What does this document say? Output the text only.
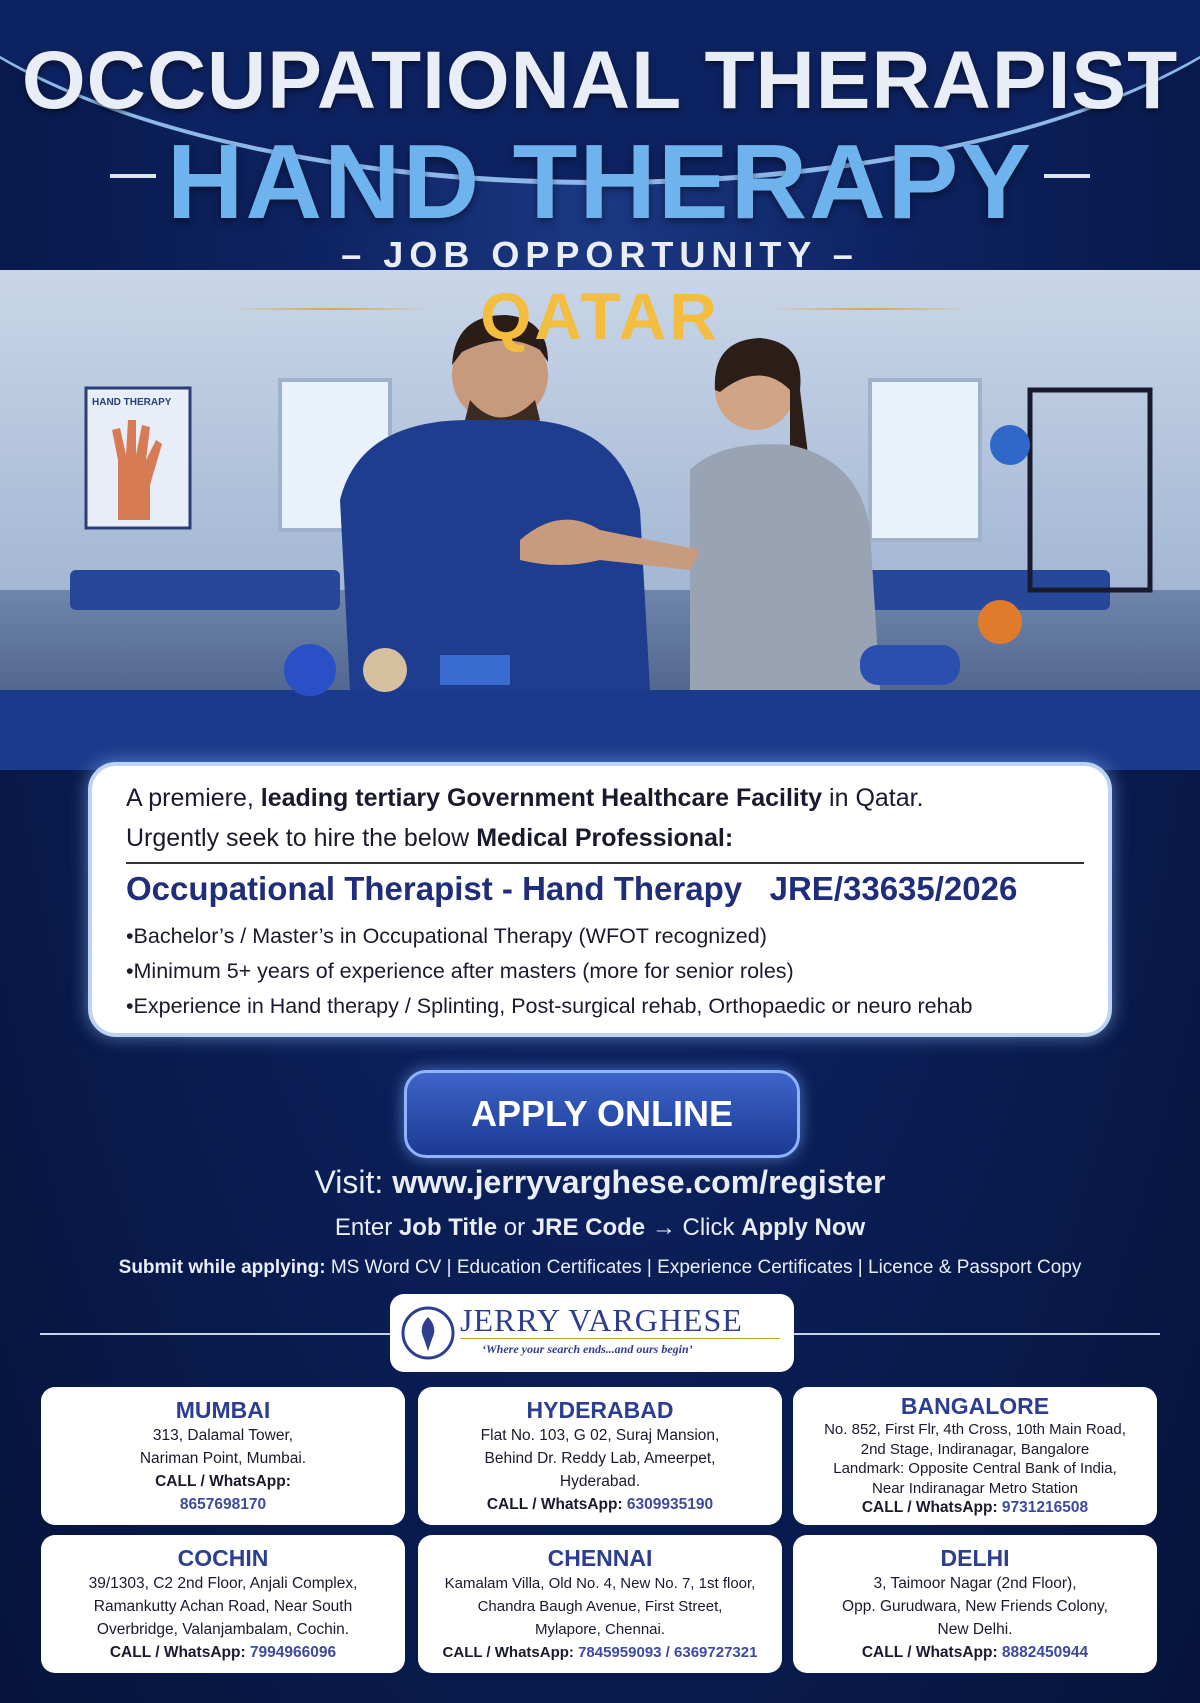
HAND THERAPY
OCCUPATIONAL THERAPIST
HAND THERAPY
– JOB OPPORTUNITY –
QATAR
A premiere, leading tertiary Government Healthcare Facility in Qatar.
Urgently seek to hire the below Medical Professional:
Occupational Therapist - Hand Therapy JRE/33635/2026
•Bachelor’s / Master’s in Occupational Therapy (WFOT recognized)
•Minimum 5+ years of experience after masters (more for senior roles)
•Experience in Hand therapy / Splinting, Post-surgical rehab, Orthopaedic or neuro rehab
APPLY ONLINE
Visit: www.jerryvarghese.com/register
Enter Job Title or JRE Code → Click Apply Now
Submit while applying: MS Word CV | Education Certificates | Experience Certificates | Licence & Passport Copy
JERRY VARGHESE
‘Where your search ends...and ours begin’
MUMBAI
313, Dalamal Tower,
Nariman Point, Mumbai.
CALL / WhatsApp:
8657698170
HYDERABAD
Flat No. 103, G 02, Suraj Mansion,
Behind Dr. Reddy Lab, Ameerpet,
Hyderabad.
CALL / WhatsApp: 6309935190
BANGALORE
No. 852, First Flr, 4th Cross, 10th Main Road,
2nd Stage, Indiranagar, Bangalore
Landmark: Opposite Central Bank of India,
Near Indiranagar Metro Station
CALL / WhatsApp: 9731216508
COCHIN
39/1303, C2 2nd Floor, Anjali Complex,
Ramankutty Achan Road, Near South
Overbridge, Valanjambalam, Cochin.
CALL / WhatsApp: 7994966096
CHENNAI
Kamalam Villa, Old No. 4, New No. 7, 1st floor,
Chandra Baugh Avenue, First Street,
Mylapore, Chennai.
CALL / WhatsApp: 7845959093 / 6369727321
DELHI
3, Taimoor Nagar (2nd Floor),
Opp. Gurudwara, New Friends Colony,
New Delhi.
CALL / WhatsApp: 8882450944
